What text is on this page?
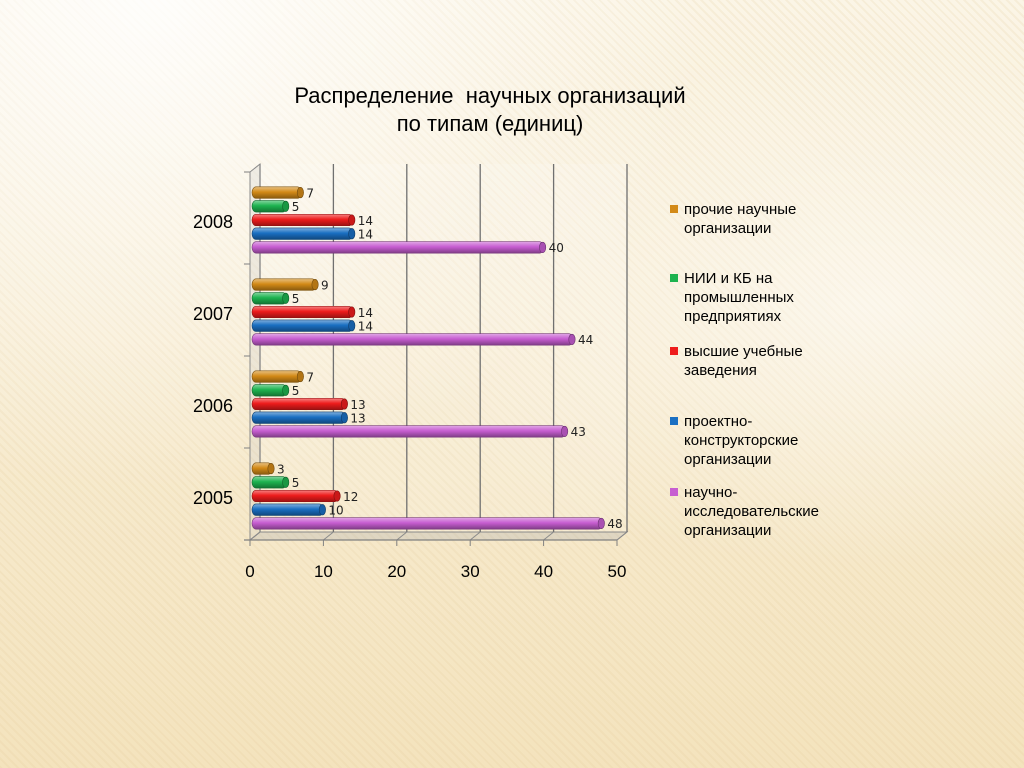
Распределение  научных организаций
по типам (единиц)
0	10	20	30	40	50
2005
3
5
12
10
48
2006
7
5
13
13
43
2007
9
5
14
14
44
2008
7
5
14
14
40
прочие научные
организации
НИИ и КБ на
промышленных
предприятиях
высшие учебные
заведения
проектно-
конструкторские
организации
научно-
исследовательские
организации
